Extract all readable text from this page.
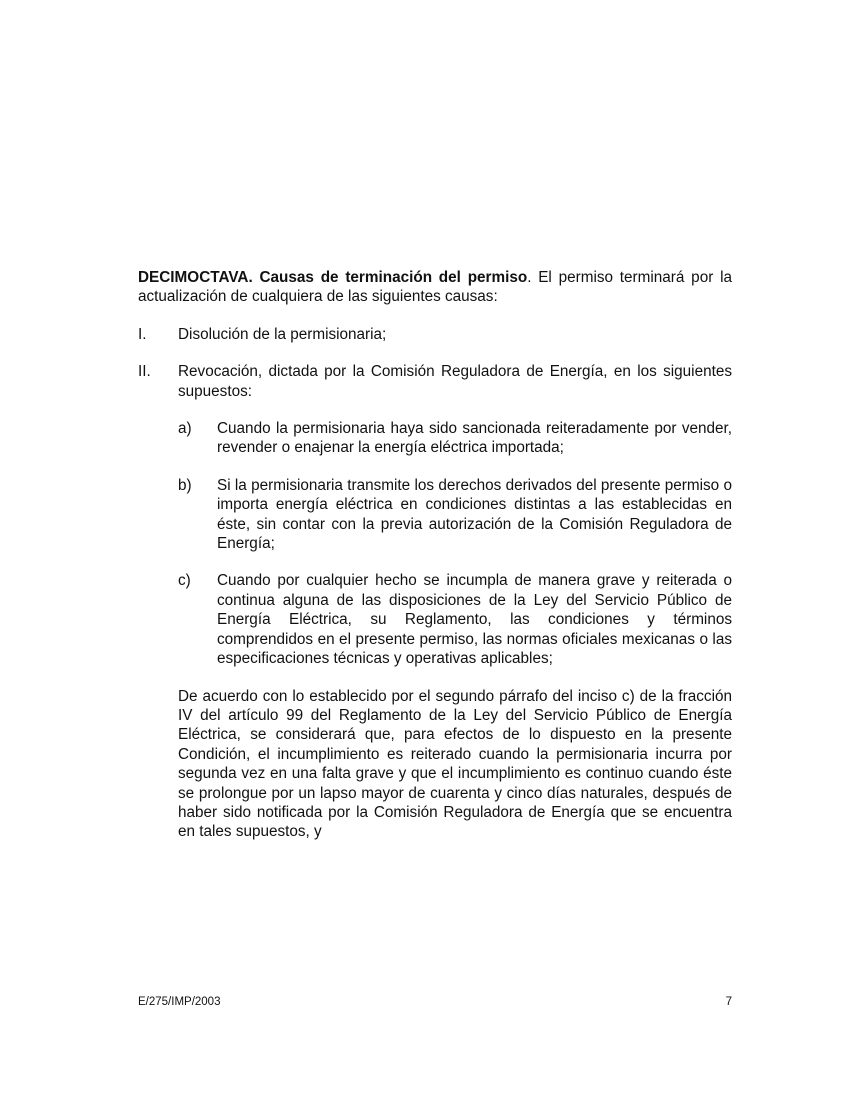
DECIMOCTAVA. Causas de terminación del permiso. El permiso terminará por la actualización de cualquiera de las siguientes causas:

I. Disolución de la permisionaria;
II. Revocación, dictada por la Comisión Reguladora de Energía, en los siguientes supuestos:
a) Cuando la permisionaria haya sido sancionada reiteradamente por vender, revender o enajenar la energía eléctrica importada;
b) Si la permisionaria transmite los derechos derivados del presente permiso o importa energía eléctrica en condiciones distintas a las establecidas en éste, sin contar con la previa autorización de la Comisión Reguladora de Energía;
c) Cuando por cualquier hecho se incumpla de manera grave y reiterada o continua alguna de las disposiciones de la Ley del Servicio Público de Energía Eléctrica, su Reglamento, las condiciones y términos comprendidos en el presente permiso, las normas oficiales mexicanas o las especificaciones técnicas y operativas aplicables;

De acuerdo con lo establecido por el segundo párrafo del inciso c) de la fracción IV del artículo 99 del Reglamento de la Ley del Servicio Público de Energía Eléctrica, se considerará que, para efectos de lo dispuesto en la presente Condición, el incumplimiento es reiterado cuando la permisionaria incurra por segunda vez en una falta grave y que el incumplimiento es continuo cuando éste se prolongue por un lapso mayor de cuarenta y cinco días naturales, después de haber sido notificada por la Comisión Reguladora de Energía que se encuentra en tales supuestos, y

E/275/IMP/2003	7
